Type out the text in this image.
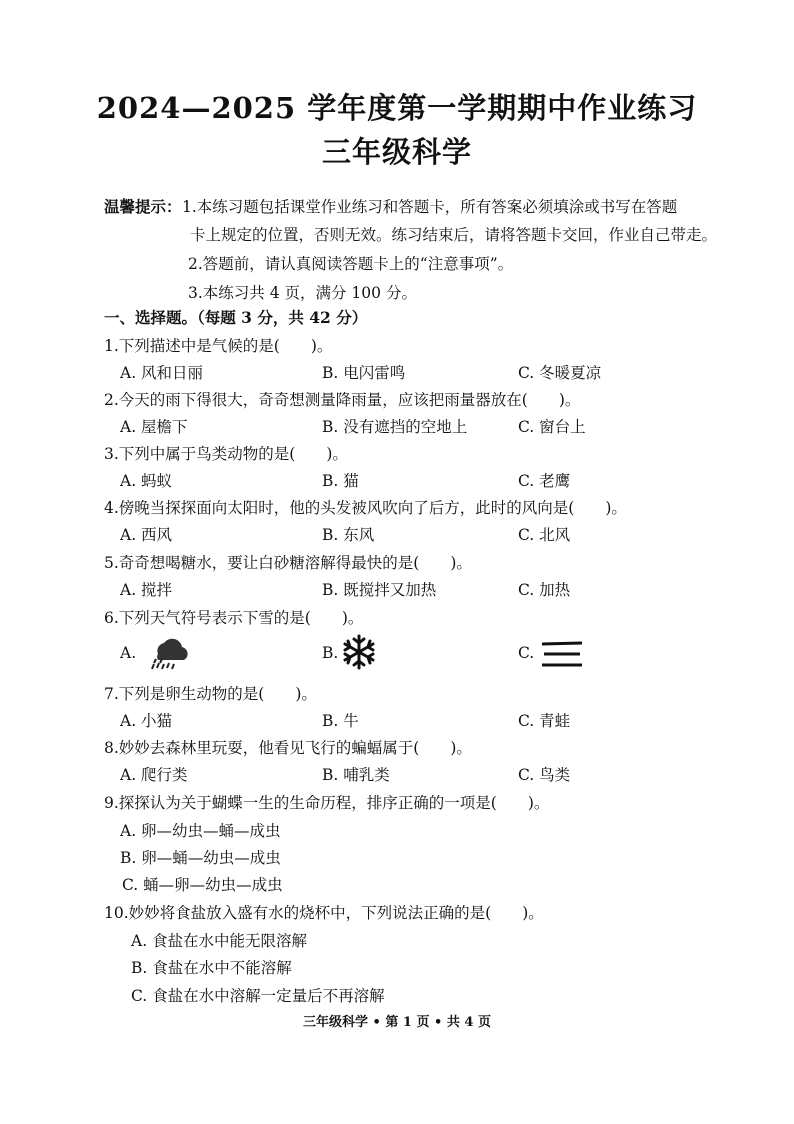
2024—2025 学年度第一学期期中作业练习
三年级科学
温馨提示： 1.本练习题包括课堂作业练习和答题卡，所有答案必须填涂或书写在答题
卡上规定的位置，否则无效。练习结束后，请将答题卡交回，作业自己带走。
2.答题前，请认真阅读答题卡上的“注意事项”。
3.本练习共 4 页，满分 100 分。
一、选择题。（每题 3 分，共 42 分）
1.下列描述中是气候的是(　　)。
A. 风和日丽	B. 电闪雷鸣	C. 冬暖夏凉
2.今天的雨下得很大，奇奇想测量降雨量，应该把雨量器放在(　　)。
A. 屋檐下	B. 没有遮挡的空地上	C. 窗台上
3.下列中属于鸟类动物的是(　　)。
A. 蚂蚁	B. 猫	C. 老鹰
4.傍晚当探探面向太阳时，他的头发被风吹向了后方，此时的风向是(　　)。
A. 西风	B. 东风	C. 北风
5.奇奇想喝糖水，要让白砂糖溶解得最快的是(　　)。
A. 搅拌	B. 既搅拌又加热	C. 加热
6.下列天气符号表示下雪的是(　　)。
A.	B.	C.
7.下列是卵生动物的是(　　)。
A. 小猫	B. 牛	C. 青蛙
8.妙妙去森林里玩耍，他看见飞行的蝙蝠属于(　　)。
A. 爬行类	B. 哺乳类	C. 鸟类
9.探探认为关于蝴蝶一生的生命历程，排序正确的一项是(　　)。
A. 卵—幼虫—蛹—成虫
B. 卵—蛹—幼虫—成虫
C. 蛹—卵—幼虫—成虫
10.妙妙将食盐放入盛有水的烧杯中，下列说法正确的是(　　)。
A. 食盐在水中能无限溶解
B. 食盐在水中不能溶解
C. 食盐在水中溶解一定量后不再溶解
三年级科学 • 第 1 页 • 共 4 页
